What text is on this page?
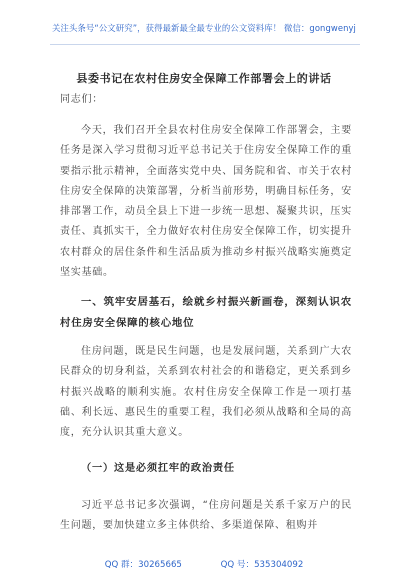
关注头条号“公文研究”，获得最新最全最专业的公文资料库！ 微信：gongwenyj
县委书记在农村住房安全保障工作部署会上的讲话
同志们：

今天，我们召开全县农村住房安全保障工作部署会，主要任务是深入学习贯彻习近平总书记关于住房安全保障工作的重要指示批示精神，全面落实党中央、国务院和省、市关于农村住房安全保障的决策部署，分析当前形势，明确目标任务，安排部署工作，动员全县上下进一步统一思想、凝聚共识，压实责任、真抓实干，全力做好农村住房安全保障工作，切实提升农村群众的居住条件和生活品质为推动乡村振兴战略实施奠定坚实基础。

一、筑牢安居基石，绘就乡村振兴新画卷，深刻认识农村住房安全保障的核心地位

住房问题，既是民生问题，也是发展问题，关系到广大农民群众的切身利益，关系到农村社会的和谐稳定，更关系到乡村振兴战略的顺利实施。农村住房安全保障工作是一项打基础、利长远、惠民生的重要工程，我们必须从战略和全局的高度，充分认识其重大意义。

（一）这是必须扛牢的政治责任

习近平总书记多次强调，“住房问题是关系千家万户的民生问题，要加快建立多主体供给、多渠道保障、租购并

QQ 群：30265665	QQ 号：535304092
